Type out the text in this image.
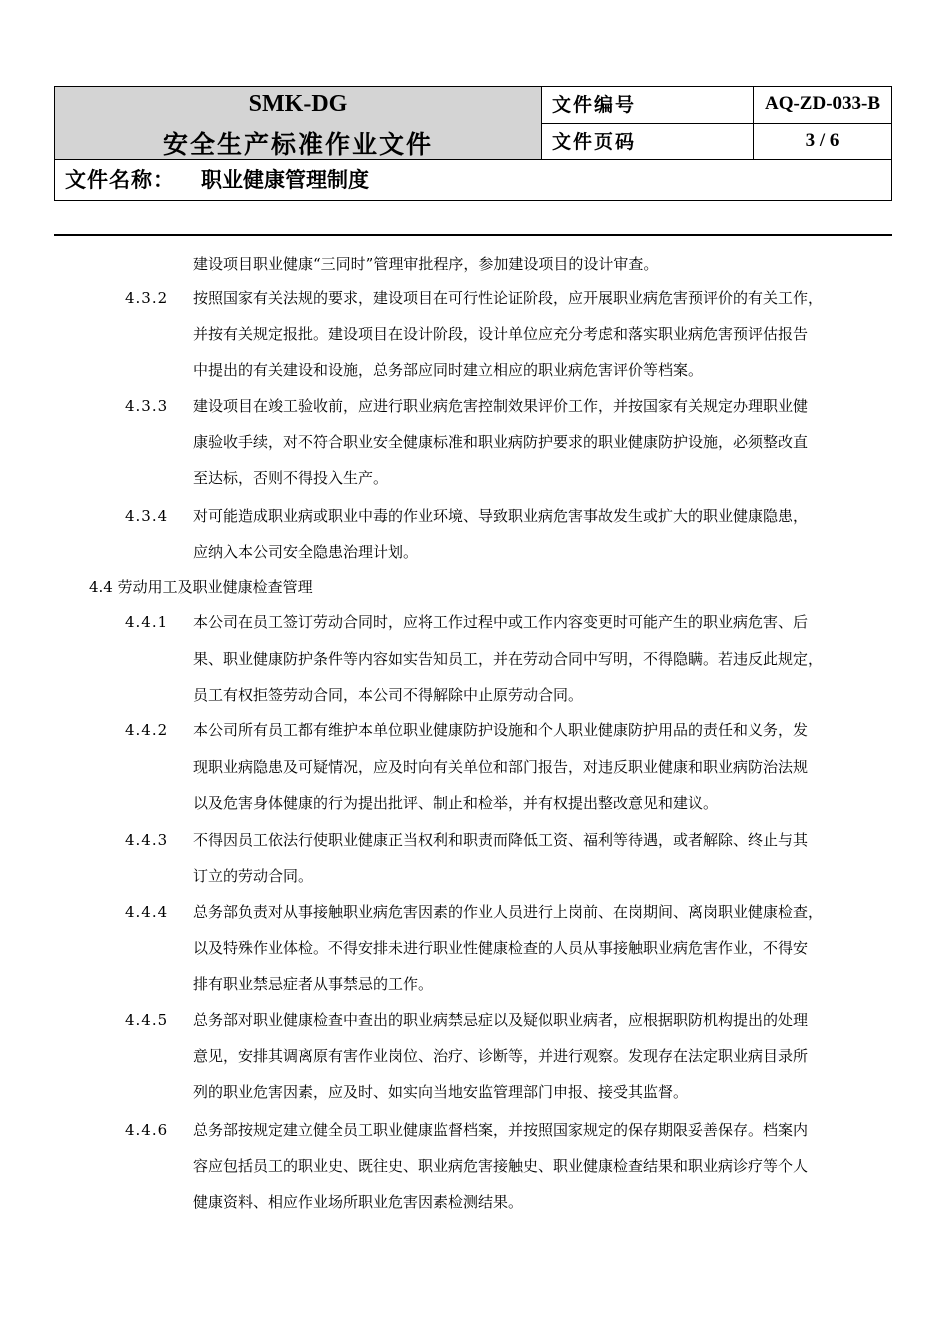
SMK-DG
安全生产标准作业文件
文件编号	AQ-ZD-033-B
文件页码	3 / 6
文件名称： 职业健康管理制度
建设项目职业健康“三同时”管理审批程序，参加建设项目的设计审查。
4.3.2 按照国家有关法规的要求，建设项目在可行性论证阶段，应开展职业病危害预评价的有关工作，
并按有关规定报批。建设项目在设计阶段，设计单位应充分考虑和落实职业病危害预评估报告
中提出的有关建设和设施，总务部应同时建立相应的职业病危害评价等档案。
4.3.3 建设项目在竣工验收前，应进行职业病危害控制效果评价工作，并按国家有关规定办理职业健
康验收手续，对不符合职业安全健康标准和职业病防护要求的职业健康防护设施，必须整改直
至达标，否则不得投入生产。
4.3.4 对可能造成职业病或职业中毒的作业环境、导致职业病危害事故发生或扩大的职业健康隐患，
应纳入本公司安全隐患治理计划。
4.4 劳动用工及职业健康检查管理
4.4.1 本公司在员工签订劳动合同时，应将工作过程中或工作内容变更时可能产生的职业病危害、后
果、职业健康防护条件等内容如实告知员工，并在劳动合同中写明，不得隐瞒。若违反此规定，
员工有权拒签劳动合同，本公司不得解除中止原劳动合同。
4.4.2 本公司所有员工都有维护本单位职业健康防护设施和个人职业健康防护用品的责任和义务，发
现职业病隐患及可疑情况，应及时向有关单位和部门报告，对违反职业健康和职业病防治法规
以及危害身体健康的行为提出批评、制止和检举，并有权提出整改意见和建议。
4.4.3 不得因员工依法行使职业健康正当权利和职责而降低工资、福利等待遇，或者解除、终止与其
订立的劳动合同。
4.4.4 总务部负责对从事接触职业病危害因素的作业人员进行上岗前、在岗期间、离岗职业健康检查，
以及特殊作业体检。不得安排未进行职业性健康检查的人员从事接触职业病危害作业，不得安
排有职业禁忌症者从事禁忌的工作。
4.4.5 总务部对职业健康检查中查出的职业病禁忌症以及疑似职业病者，应根据职防机构提出的处理
意见，安排其调离原有害作业岗位、治疗、诊断等，并进行观察。发现存在法定职业病目录所
列的职业危害因素，应及时、如实向当地安监管理部门申报、接受其监督。
4.4.6 总务部按规定建立健全员工职业健康监督档案，并按照国家规定的保存期限妥善保存。档案内
容应包括员工的职业史、既往史、职业病危害接触史、职业健康检查结果和职业病诊疗等个人
健康资料、相应作业场所职业危害因素检测结果。
